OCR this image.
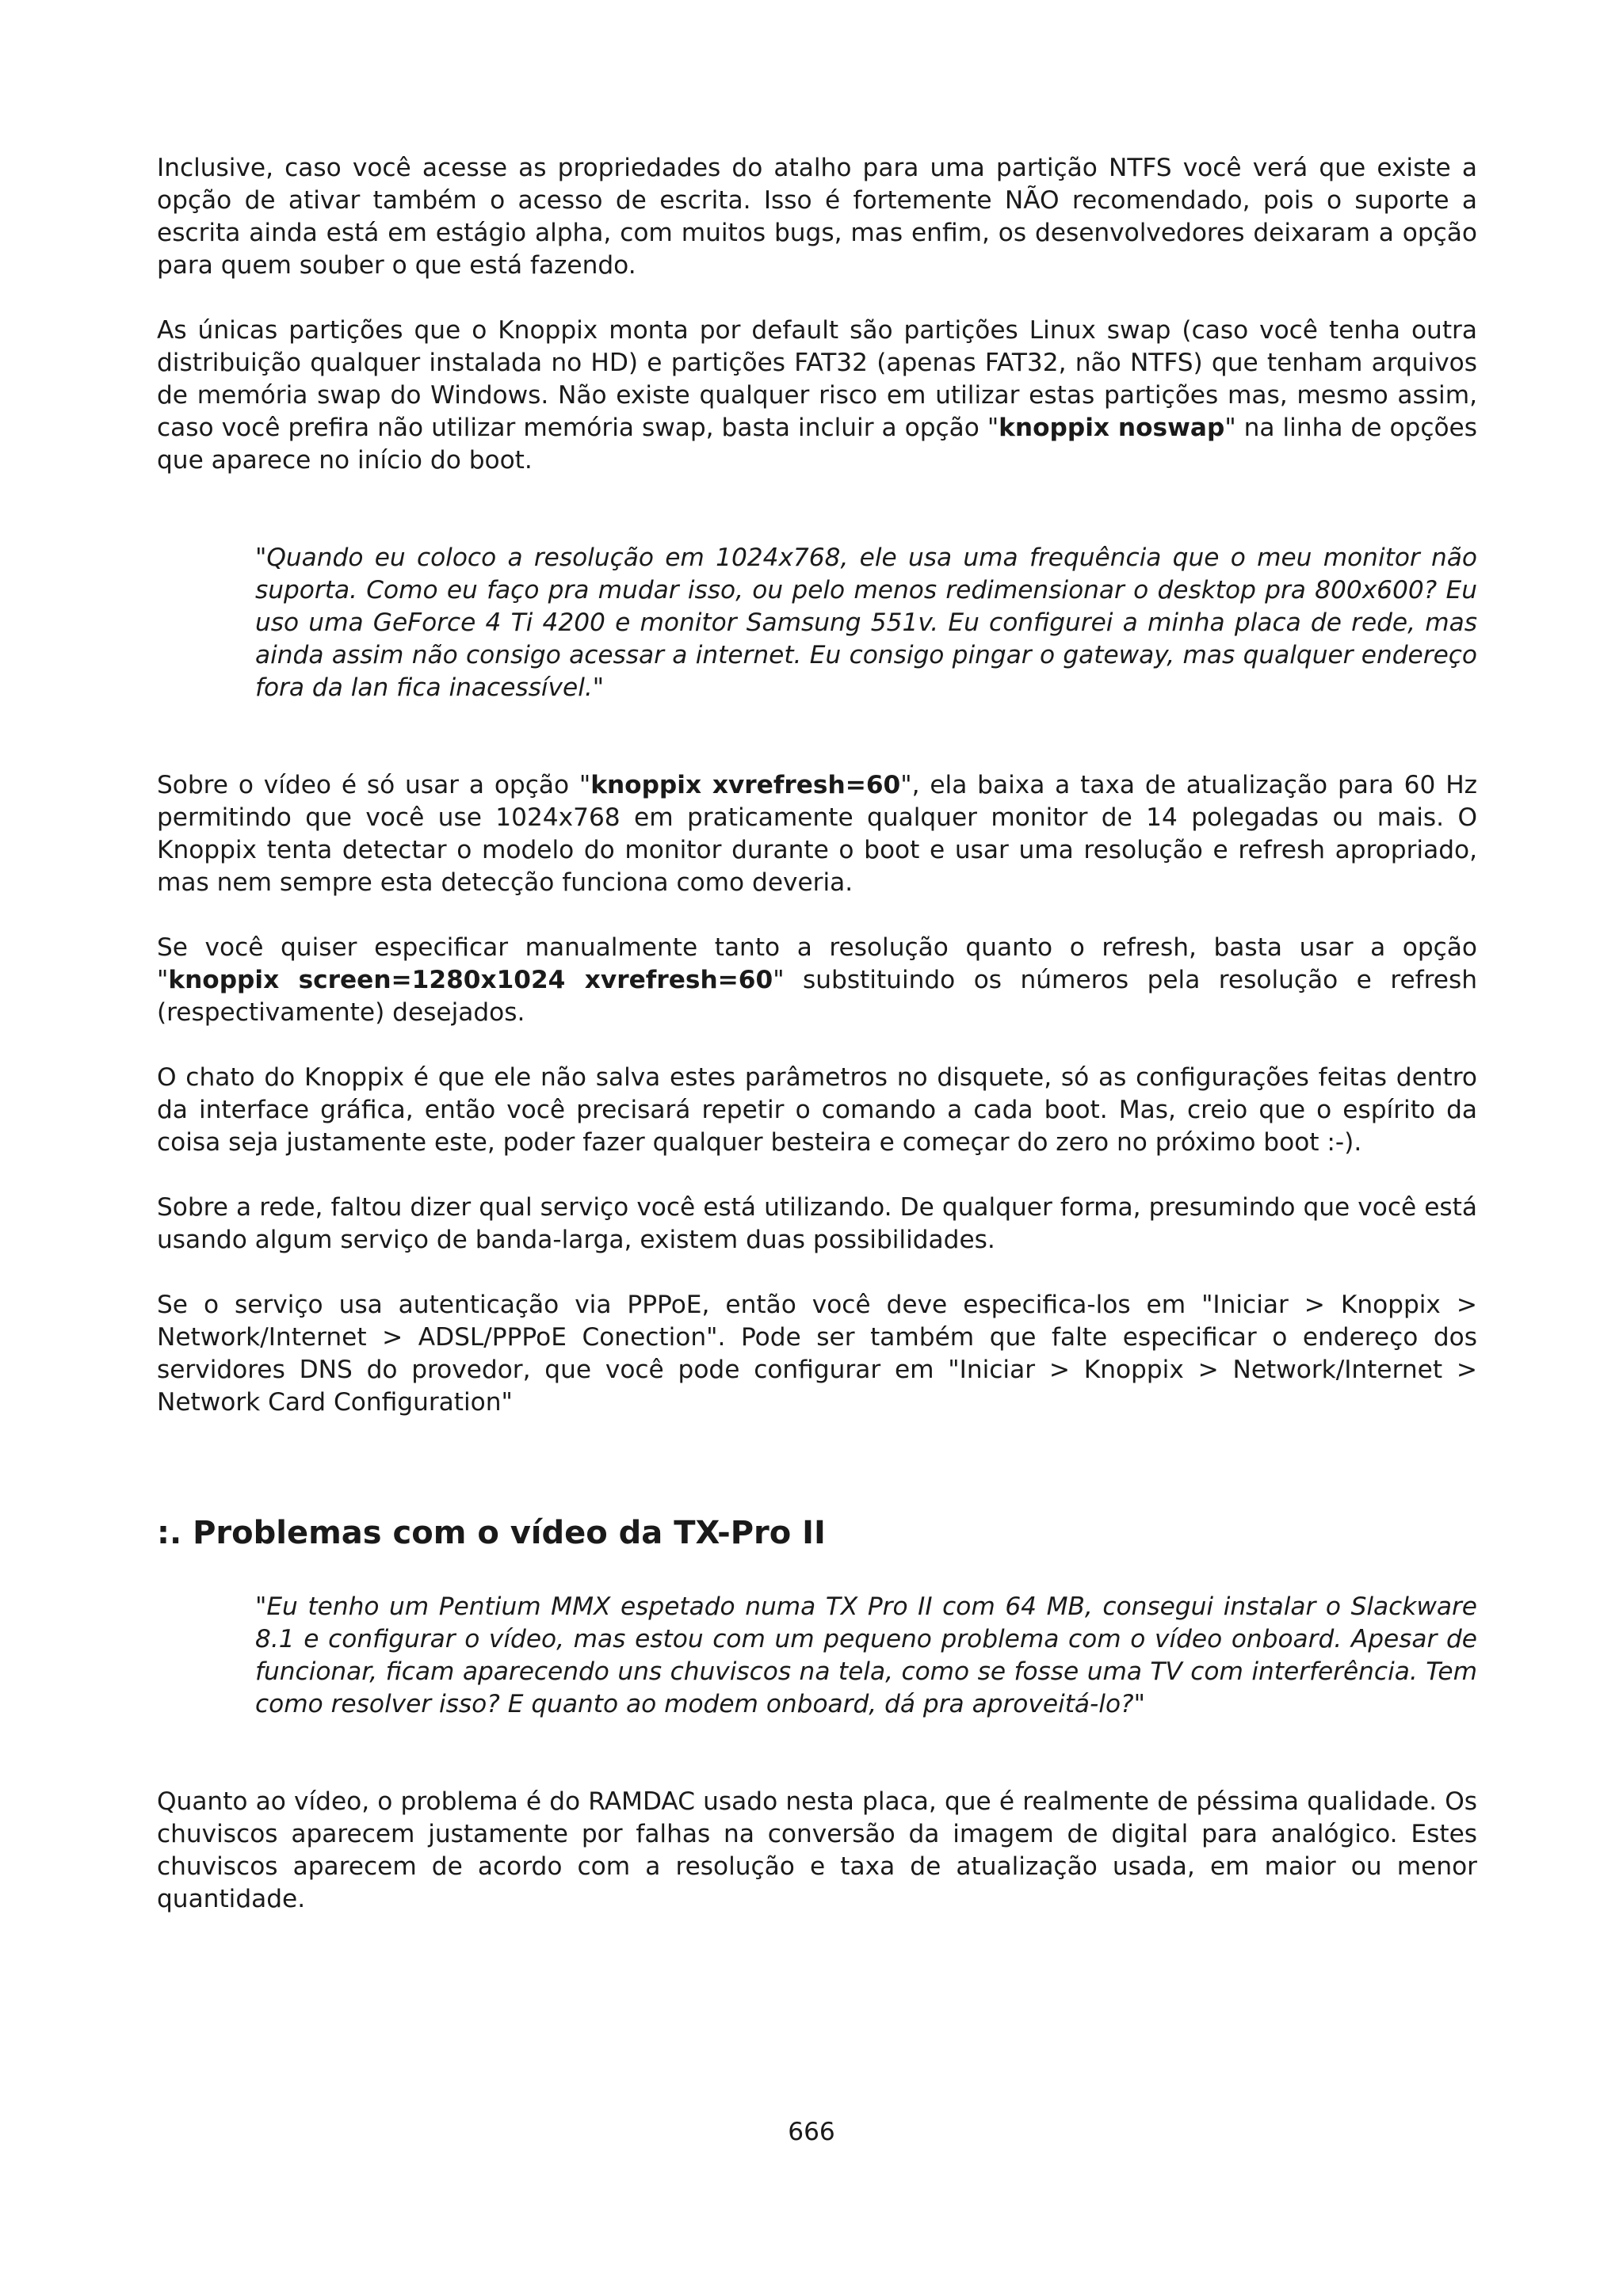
Inclusive, caso você acesse as propriedades do atalho para uma partição NTFS você verá que existe a opção de ativar também o acesso de escrita. Isso é fortemente NÃO recomendado, pois o suporte a escrita ainda está em estágio alpha, com muitos bugs, mas enfim, os desenvolvedores deixaram a opção para quem souber o que está fazendo.

As únicas partições que o Knoppix monta por default são partições Linux swap (caso você tenha outra distribuição qualquer instalada no HD) e partições FAT32 (apenas FAT32, não NTFS) que tenham arquivos de memória swap do Windows. Não existe qualquer risco em utilizar estas partições mas, mesmo assim, caso você prefira não utilizar memória swap, basta incluir a opção "knoppix noswap" na linha de opções que aparece no início do boot.

"Quando eu coloco a resolução em 1024x768, ele usa uma frequência que o meu monitor não suporta. Como eu faço pra mudar isso, ou pelo menos redimensionar o desktop pra 800x600? Eu uso uma GeForce 4 Ti 4200 e monitor Samsung 551v. Eu configurei a minha placa de rede, mas ainda assim não consigo acessar a internet. Eu consigo pingar o gateway, mas qualquer endereço fora da lan fica inacessível."

Sobre o vídeo é só usar a opção "knoppix xvrefresh=60", ela baixa a taxa de atualização para 60 Hz permitindo que você use 1024x768 em praticamente qualquer monitor de 14 polegadas ou mais. O Knoppix tenta detectar o modelo do monitor durante o boot e usar uma resolução e refresh apropriado, mas nem sempre esta detecção funciona como deveria.

Se você quiser especificar manualmente tanto a resolução quanto o refresh, basta usar a opção "knoppix screen=1280x1024 xvrefresh=60" substituindo os números pela resolução e refresh (respectivamente) desejados.

O chato do Knoppix é que ele não salva estes parâmetros no disquete, só as configurações feitas dentro da interface gráfica, então você precisará repetir o comando a cada boot. Mas, creio que o espírito da coisa seja justamente este, poder fazer qualquer besteira e começar do zero no próximo boot :-).

Sobre a rede, faltou dizer qual serviço você está utilizando. De qualquer forma, presumindo que você está usando algum serviço de banda-larga, existem duas possibilidades.

Se o serviço usa autenticação via PPPoE, então você deve especifica-los em "Iniciar > Knoppix > Network/Internet > ADSL/PPPoE Conection". Pode ser também que falte especificar o endereço dos servidores DNS do provedor, que você pode configurar em "Iniciar > Knoppix > Network/Internet > Network Card Configuration"

:. Problemas com o vídeo da TX-Pro II

"Eu tenho um Pentium MMX espetado numa TX Pro II com 64 MB, consegui instalar o Slackware 8.1 e configurar o vídeo, mas estou com um pequeno problema com o vídeo onboard. Apesar de funcionar, ficam aparecendo uns chuviscos na tela, como se fosse uma TV com interferência. Tem como resolver isso? E quanto ao modem onboard, dá pra aproveitá-lo?"

Quanto ao vídeo, o problema é do RAMDAC usado nesta placa, que é realmente de péssima qualidade. Os chuviscos aparecem justamente por falhas na conversão da imagem de digital para analógico. Estes chuviscos aparecem de acordo com a resolução e taxa de atualização usada, em maior ou menor quantidade.

666
